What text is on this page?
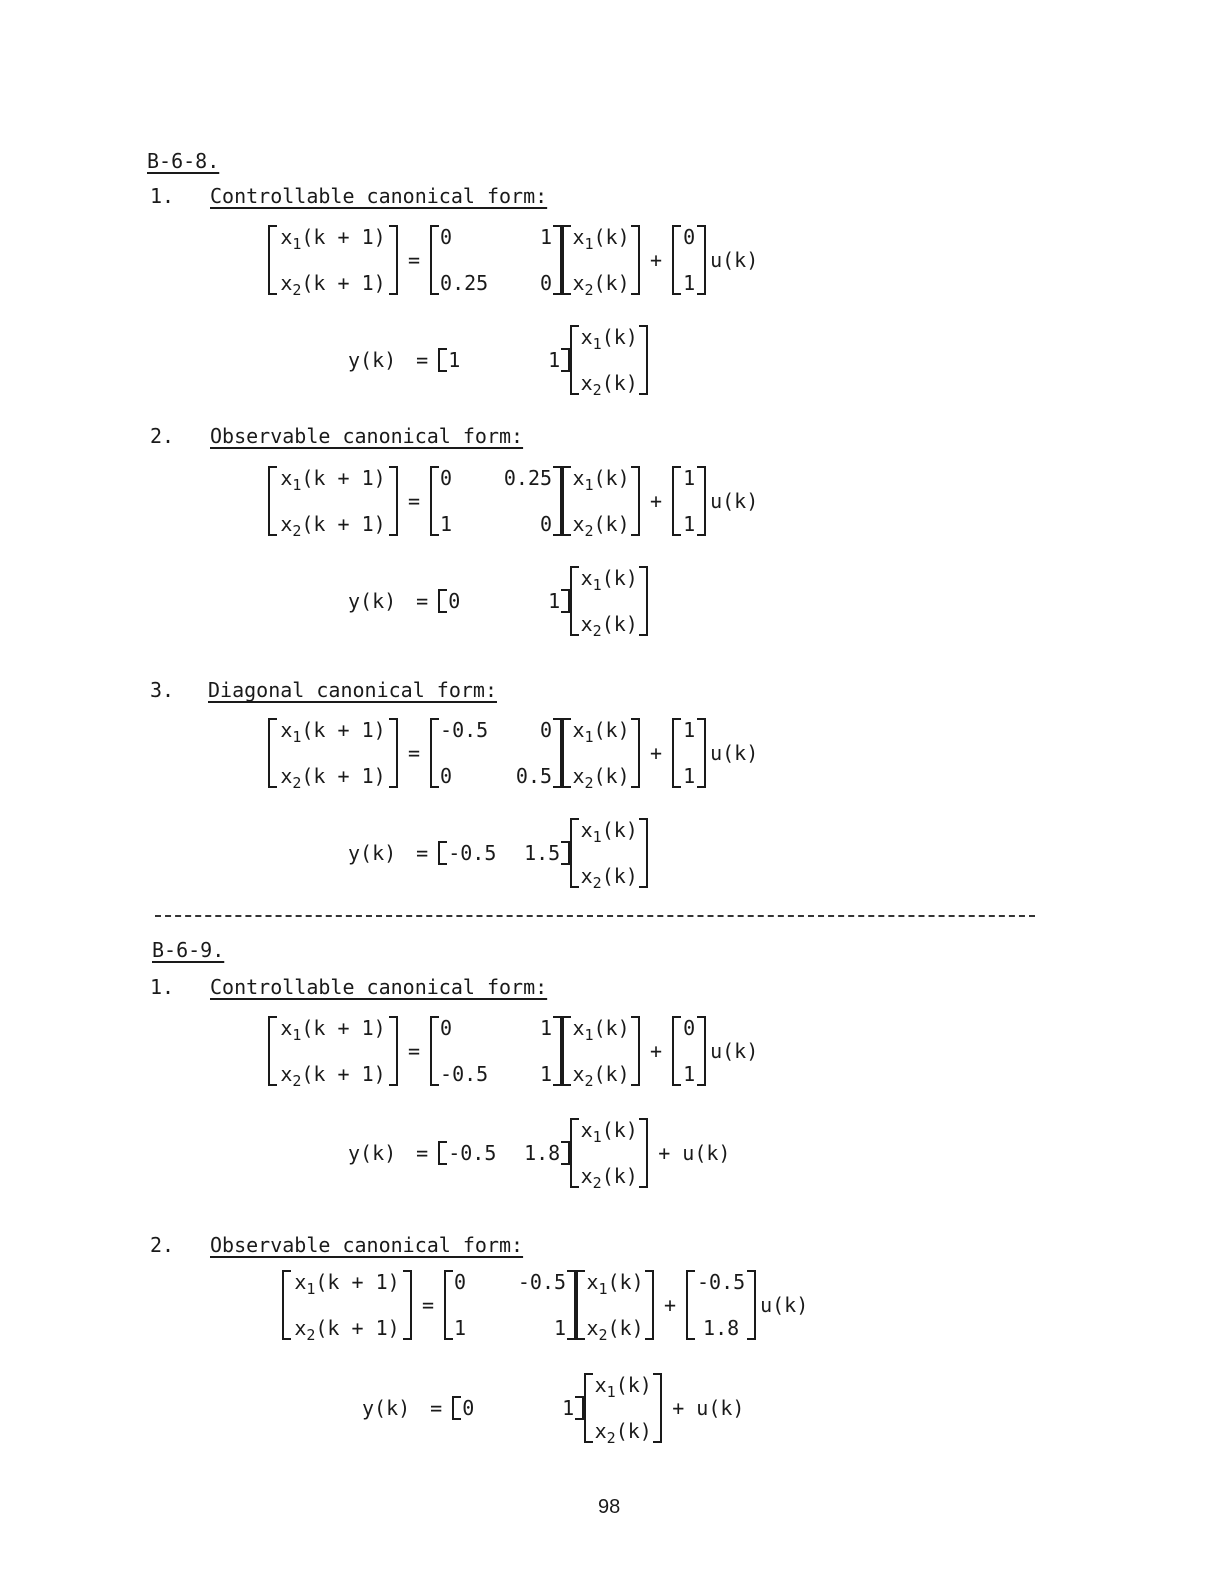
B-6-8.
1. Controllable canonical form:
2. Observable canonical form:
3. Diagonal canonical form:
B-6-9.
1. Controllable canonical form:
2. Observable canonical form:
98
$x_1(k + 1)$
$x_2(k + 1)$
=
0	1
0.25	0
$x_1(k)$
$x_2(k)$
+
0
1
u(k)
y(k)	=	1	1
$x_1(k)$
$x_2(k)$
$x_1(k + 1)$
$x_2(k + 1)$
=
0	0.25
1	0
$x_1(k)$
$x_2(k)$
+
1
1
u(k)
y(k)	=	0	1
$x_1(k)$
$x_2(k)$
$x_1(k + 1)$
$x_2(k + 1)$
=
-0.5	0
0	0.5
$x_1(k)$
$x_2(k)$
+
1
1
u(k)
y(k)	=	-0.5	1.5
$x_1(k)$
$x_2(k)$
$x_1(k + 1)$
$x_2(k + 1)$
=
0	1
-0.5	1
$x_1(k)$
$x_2(k)$
+
0
1
u(k)
y(k)	=	-0.5	1.8
$x_1(k)$
$x_2(k)$
+ u(k)
$x_1(k + 1)$
$x_2(k + 1)$
=
0	-0.5
1	1
$x_1(k)$
$x_2(k)$
+
-0.5
1.8
u(k)
y(k)	=	0	1
$x_1(k)$
$x_2(k)$
+ u(k)
